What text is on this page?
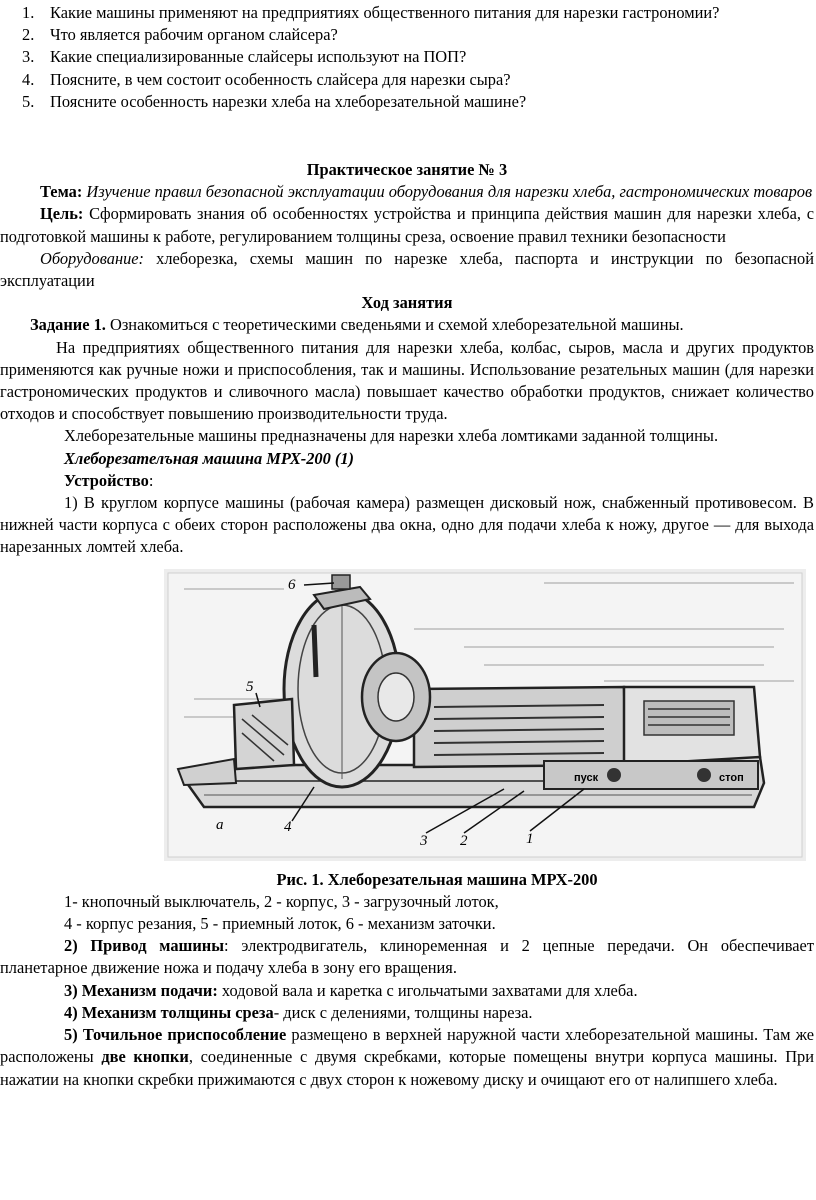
1. Какие машины применяют на предприятиях общественного питания для нарезки гастрономии?
2. Что является рабочим органом слайсера?
3. Какие специализированные слайсеры используют на ПОП?
4. Поясните, в чем состоит особенность слайсера для нарезки сыра?
5. Поясните особенность нарезки хлеба на хлеборезательной машине?

Практическое занятие № 3

Тема: Изучение правил безопасной эксплуатации оборудования для нарезки хлеба, гастрономических товаров

Цель: Сформировать знания об особенностях устройства и принципа действия машин для нарезки хлеба, с подготовкой машины к работе, регулированием толщины среза, освоение правил техники безопасности

Оборудование: хлеборезка, схемы машин по нарезке хлеба, паспорта и инструкции по безопасной эксплуатации

Ход занятия

Задание 1. Ознакомиться с теоретическими сведеньями и схемой хлеборезательной машины.

На предприятиях общественного питания для нарезки хлеба, колбас, сыров, масла и других продуктов применяются как ручные ножи и приспособления, так и машины. Использование резательных машин (для нарезки гастрономических продуктов и сливочного масла) повышает качество обработки продуктов, снижает количество отходов и способствует повышению производительности труда.

Хлеборезательные машины предназначены для нарезки хлеба ломтиками заданной толщины.

Хлеборезателъная машина МРХ-200 (1)

Устройство:

1) В круглом корпусе машины (рабочая камера) размещен дисковый нож, снабженный противовесом. В нижней части корпуса с обеих сторон расположены два окна, одно для подачи хлеба к ножу, другое — для выхода нарезанных ломтей хлеба.

пуск	стоп
6
5
4
3 2	1
а

Рис. 1. Хлеборезательная машина МРХ-200

1- кнопочный выключатель, 2 - корпус, 3 - загрузочный лоток,

4 - корпус резания, 5 - приемный лоток, 6 - механизм заточки.

2) Привод машины: электродвигатель, клиноременная и 2 цепные передачи. Он обеспечивает планетарное движение ножа и подачу хлеба в зону его вращения.

3) Механизм подачи: ходовой вала и каретка с игольчатыми захватами для хлеба.

4) Механизм толщины среза- диск с делениями, толщины нареза.

5) Точильное приспособление размещено в верхней наружной части хлеборезательной машины. Там же расположены две кнопки, соединенные с двумя скребками, которые помещены внутри корпуса машины. При нажатии на кнопки скребки прижимаются с двух сторон к ножевому диску и очищают его от налипшего хлеба.
